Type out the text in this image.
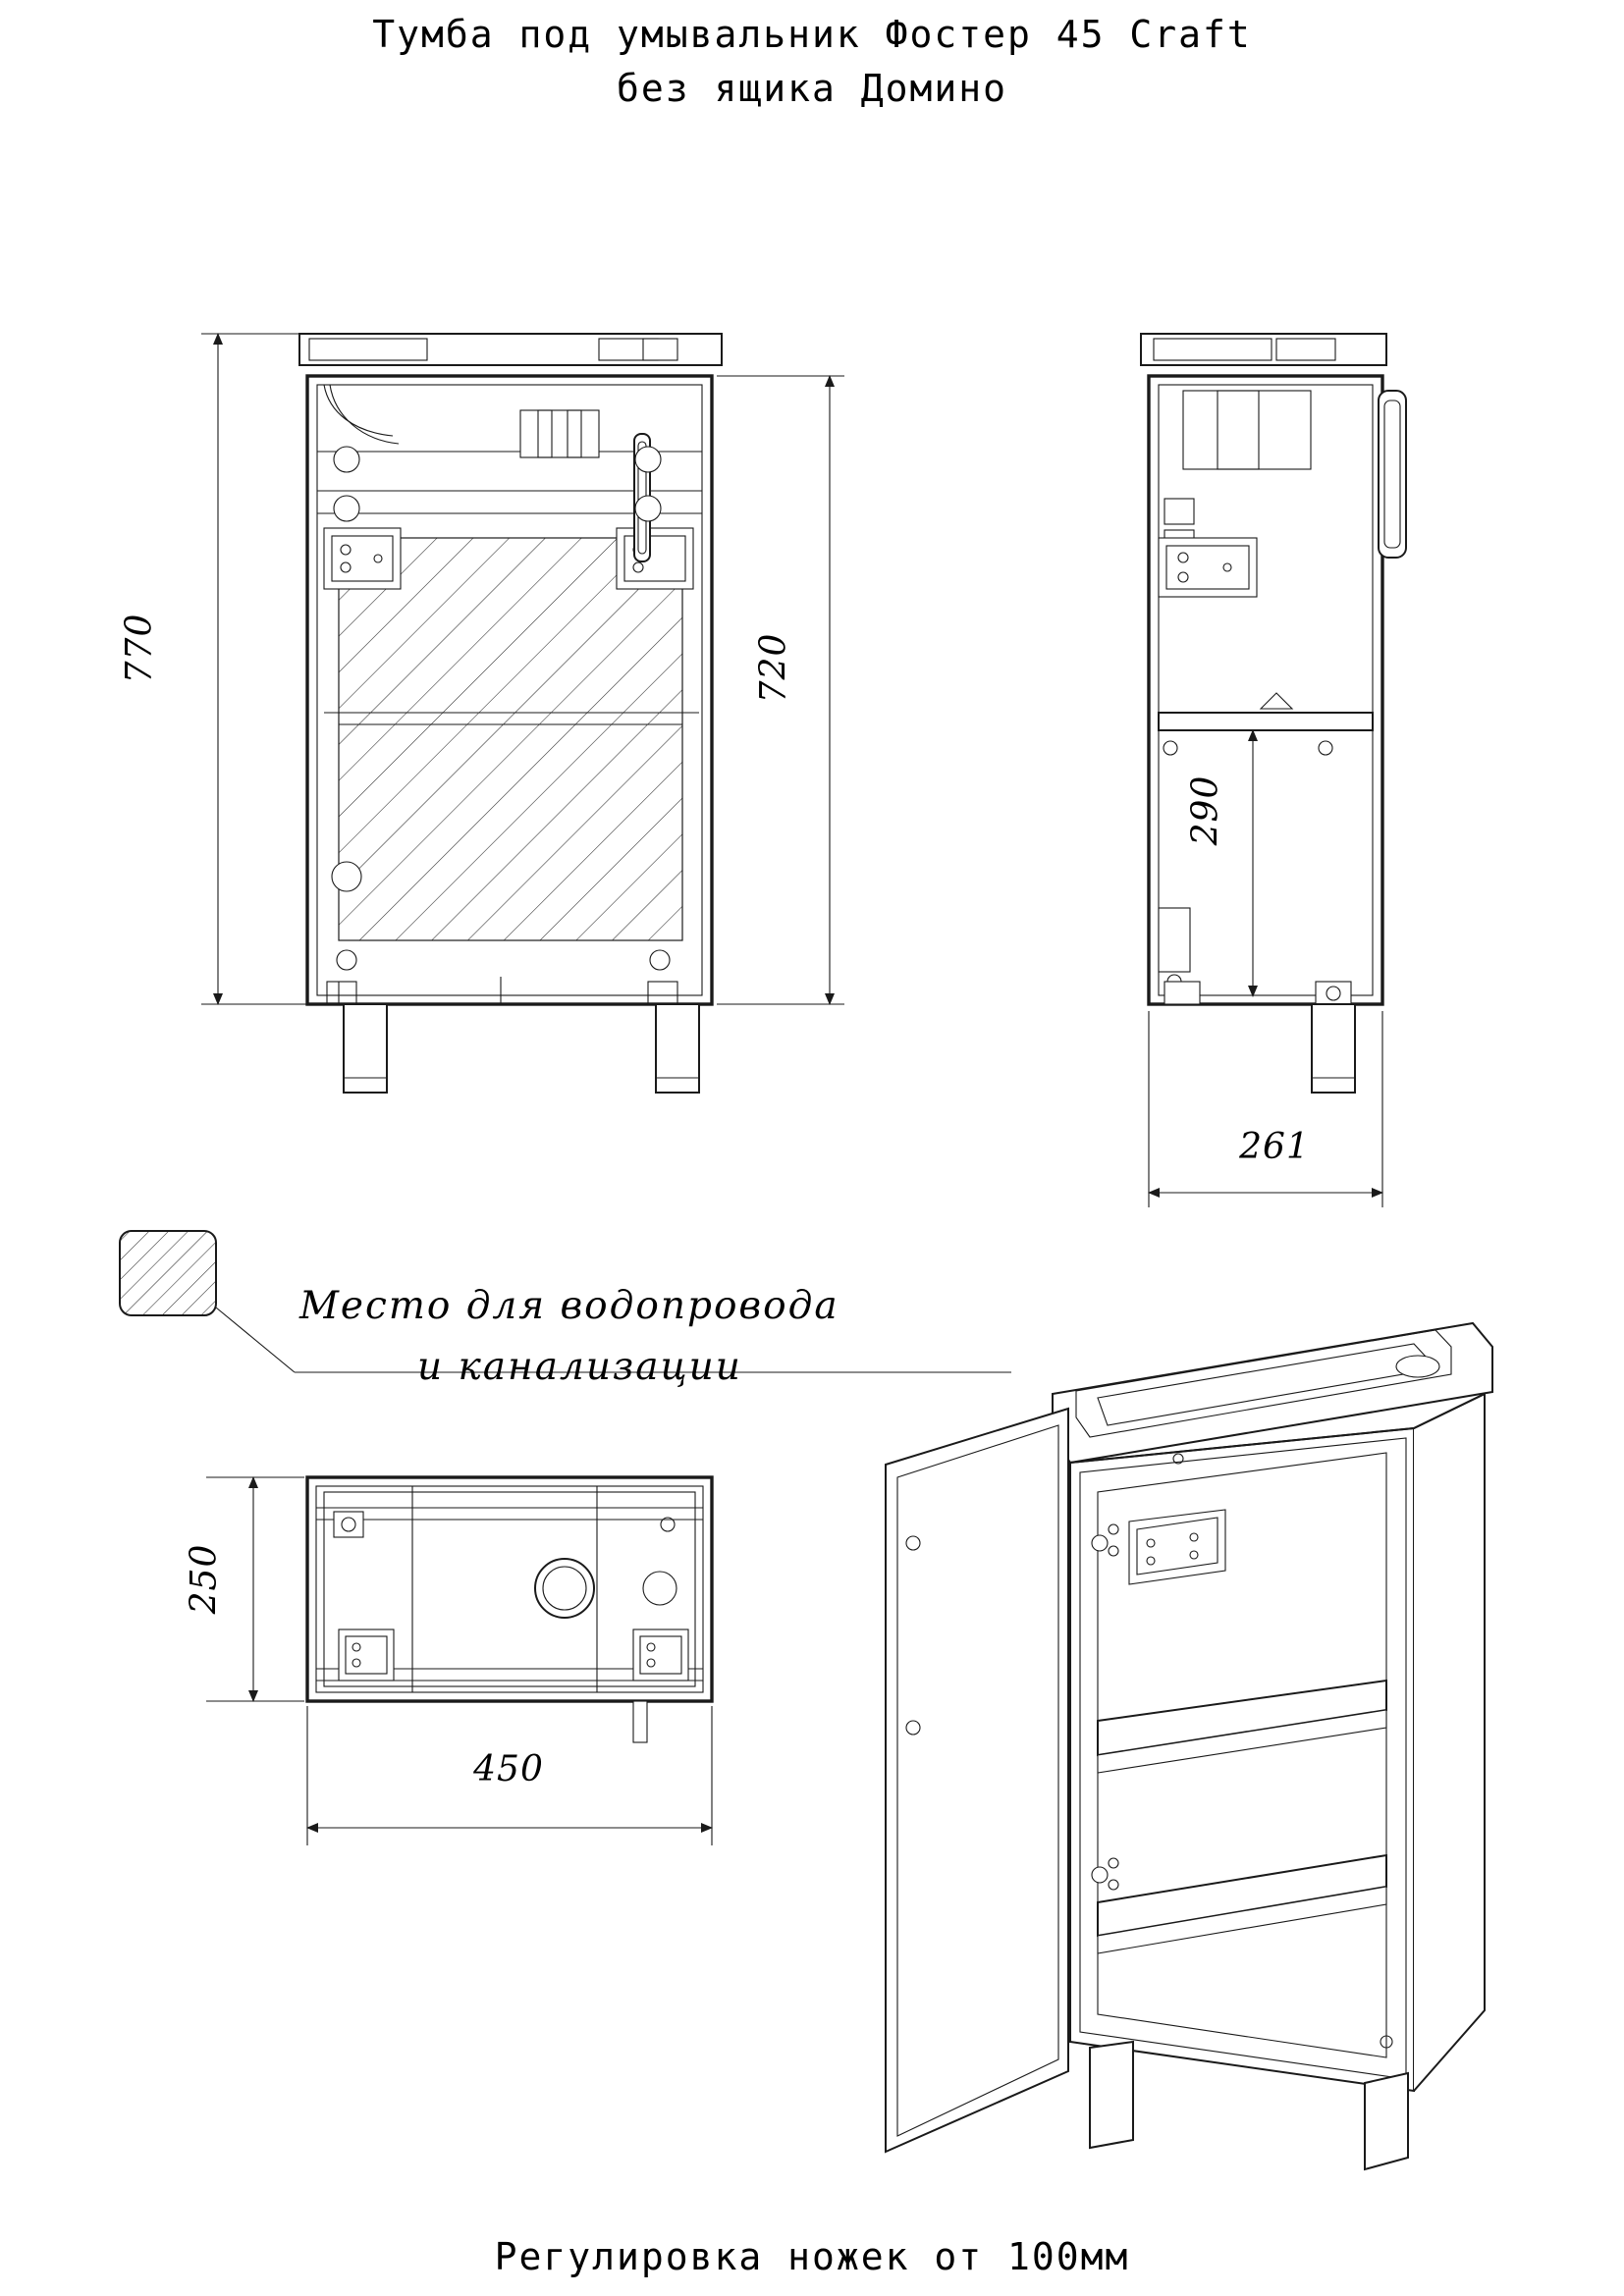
Тумба под умывальник Фостер 45 Craft
без ящика Домино
770	720
290
261
250
450
Место для водопровода
и канализации
Регулировка ножек от 100мм
